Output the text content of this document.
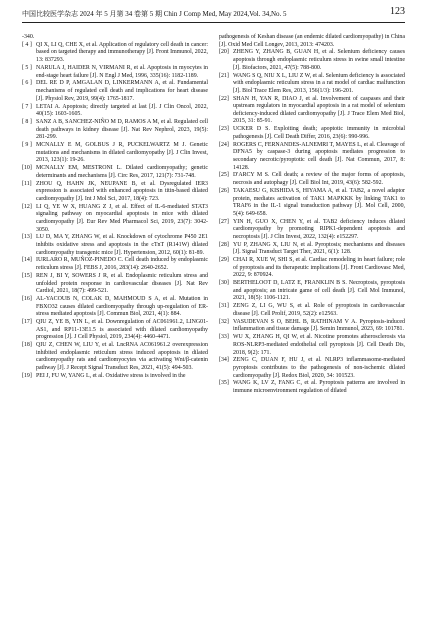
中国比较医学杂志 2024 年 5 月第 34 卷第 5 期 Chin J Comp Med, May 2024,Vol. 34,No. 5	123
-340.
[ 4 ] QI X, LI Q, CHE X, et al. Application of regulatory cell death in cancer: based on targeted therapy and immunotherapy [J]. Front Immunol, 2022, 13: 837293.
[ 5 ] NARULA J, HAIDER N, VIRMANI R, et al. Apoptosis in myocytes in end-stage heart failure [J]. N Engl J Med, 1996, 335(16): 1182-1189.
[ 6 ] DEL RE D P, AMGALAN D, LINKERMANN A, et al. Fundamental mechanisms of regulated cell death and implications for heart disease [J]. Physiol Rev, 2019, 99(4): 1765-1817.
[ 7 ] LETAI A. Apoptosis; directly targeted at last [J]. J Clin Oncol, 2022, 40(15): 1603-1605.
[ 8 ] SANZ A B, SANCHEZ-NIÑO M D, RAMOS A M, et al. Regulated cell death pathways in kidney disease [J]. Nat Rev Nephrol, 2023, 19(5): 281-299.
[ 9 ] MCNALLY E M, GOLBUS J R, PUCKELWARTZ M J. Genetic mutations and mechanisms in dilated cardiomyopathy [J]. J Clin Invest, 2013, 123(1): 19-26.
[10] MCNALLY EM, MESTRONI L. Dilated cardiomyopathy; genetic determinants and mechanisms [J]. Circ Res, 2017, 121(7): 731-748.
[11] ZHOU Q, HAHN JK, NEUPANE B, et al. Dysregulated IER3 expression is associated with enhanced apoptosis in titin-based dilated cardiomyopathy [J]. Int J Mol Sci, 2017, 18(4): 723.
[12] LI Q, YE W X, HUANG Z J, et al. Effect of IL-6-mediated STAT3 signaling pathway on myocardial apoptosis in mice with dilated cardiomyopathy [J]. Eur Rev Med Pharmacol Sci, 2019, 23(7): 3042-3050.
[13] LU D, MA Y, ZHANG W, et al. Knockdown of cytochrome P450 2E1 inhibits oxidative stress and apoptosis in the cTnT (R141W) dilated cardiomyopathy transgenic mice [J]. Hypertension, 2012, 60(1): 81-89.
[14] IURLARO R, MUÑOZ-PINEDO C. Cell death induced by endoplasmic reticulum stress [J]. FEBS J, 2016, 283(14): 2640-2652.
[15] REN J, BI Y, SOWERS J R, et al. Endoplasmic reticulum stress and unfolded protein response in cardiovascular diseases [J]. Nat Rev Cardiol, 2021, 18(7): 499-521.
[16] AL-YACOUB N, COLAK D, MAHMOUD S A, et al. Mutation in FBXO32 causes dilated cardiomyopathy through up-regulation of ER-stress mediated apoptosis [J]. Commun Biol, 2021, 4(1): 884.
[17] QIU Z, YE B, YIN L, et al. Downregulation of AC061961.2, LING01-AS1, and RP11-13E1.5 is associated with dilated cardiomyopathy progression [J]. J Cell Physiol, 2019, 234(4): 4460-4471.
[18] QIU Z, CHEN W, LIU Y, et al. LncRNA AC061961.2 overexpression inhibited endoplasmic reticulum stress induced apoptosis in dilated cardiomyopathy rats and cardiomyocytes via activating Wnt/β-catenin pathway [J]. J Recept Signal Transduct Res, 2021, 41(5): 494-503.
[19] PEI J, FU W, YANG L, et al. Oxidative stress is involved in the
pathogenesis of Keshan disease (an endemic dilated cardiomyopathy) in China [J]. Oxid Med Cell Longev, 2013, 2013: 474203.
[20] ZHENG Y, ZHANG B, GUAN H, et al. Selenium deficiency causes apoptosis through endoplasmic reticulum stress in swine small intestine [J]. Biofactors, 2021, 47(5): 788-800.
[21] WANG S Q, NIU X L, LIU Z W, et al. Selenium deficiency is associated with endoplasmic reticulum stress in a rat model of cardiac malfunction [J]. Biol Trace Elem Res, 2013, 156(1/3): 196-201.
[22] SHAN H, YAN R, DIAO J, et al. Involvement of caspases and their upstream regulators in myocardial apoptosis in a rat model of selenium deficiency-induced dilated cardiomyopathy [J]. J Trace Elem Med Biol, 2015, 31: 85-91.
[23] UCKER D S. Exploiting death; apoptotic immunity in microbial pathogenesis [J]. Cell Death Differ, 2016, 23(6): 990-996.
[24] ROGERS C, FERNANDES-ALNEMRI T, MAYES L, et al. Cleavage of DFNA5 by caspase-3 during apoptosis mediates progression to secondary necrotic/pyroptotic cell death [J]. Nat Commun, 2017, 8: 14128.
[25] D'ARCY M S. Cell death; a review of the major forms of apoptosis, necrosis and autophagy [J]. Cell Biol Int, 2019, 43(6): 582-592.
[26] TAKAESU G, KISHIDA S, HIYAMA A, et al. TAB2, a novel adaptor protein, mediates activation of TAK1 MAPKKK by linking TAK1 to TRAF6 in the IL-1 signal transduction pathway [J]. Mol Cell, 2000, 5(4): 649-658.
[27] YIN H, GUO X, CHEN Y, et al. TAB2 deficiency induces dilated cardiomyopathy by promoting RIPK1-dependent apoptosis and necroptosis [J]. J Clin Invest, 2022, 132(4): e152297.
[28] YU P, ZHANG X, LIU N, et al. Pyroptosis; mechanisms and diseases [J]. Signal Transduct Target Ther, 2021, 6(1): 128.
[29] CHAI R, XUE W, SHI S, et al. Cardiac remodeling in heart failure; role of pyroptosis and its therapeutic implications [J]. Front Cardiovasc Med, 2022, 9: 870924.
[30] BERTHELOOT D, LATZ E, FRANKLIN B S. Necroptosis, pyroptosis and apoptosis; an intricate game of cell death [J]. Cell Mol Immunol, 2021, 18(5): 1106-1121.
[31] ZENG Z, LI G, WU S, et al. Role of pyroptosis in cardiovascular disease [J]. Cell Prolif, 2019, 52(2): e12563.
[32] VASUDEVAN S O, BEHL B, RATHINAM V A. Pyroptosis-induced inflammation and tissue damage [J]. Semin Immunol, 2023, 69: 101781.
[33] WU X, ZHANG H, QI W, et al. Nicotine promotes atherosclerosis via ROS-NLRP3-mediated endothelial cell pyroptosis [J]. Cell Death Dis, 2018, 9(2): 171.
[34] ZENG C, DUAN F, HU J, et al. NLRP3 inflammasome-mediated pyroptosis contributes to the pathogenesis of non-ischemic dilated cardiomyopathy [J]. Redox Biol, 2020, 34: 101523.
[35] WANG K, LV Z, FANG C, et al. Pyroptosis patterns are involved in immune microenvironment regulation of dilated
